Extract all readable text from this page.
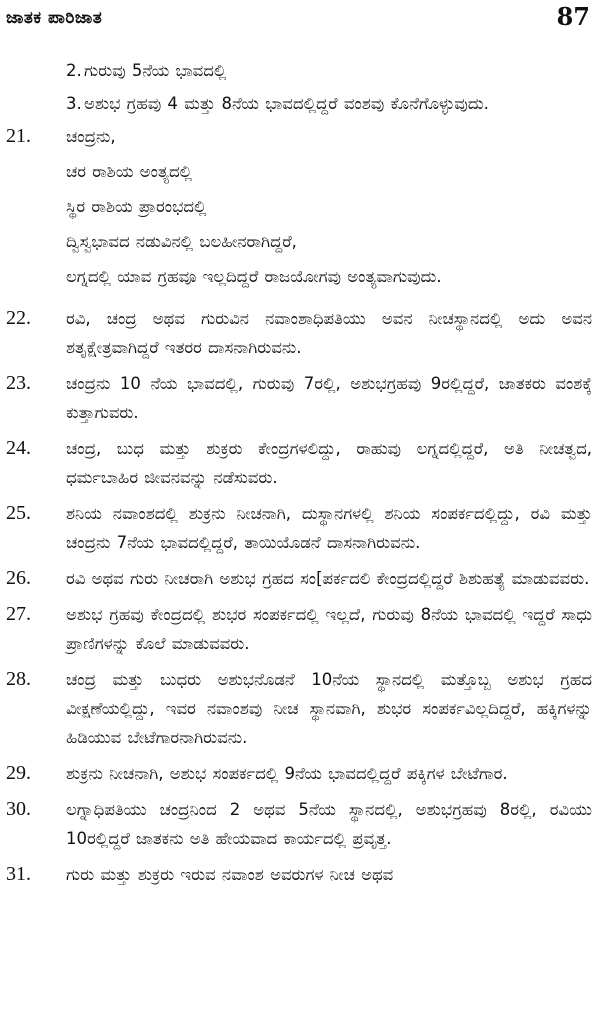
ಜಾತಕ ಪಾರಿಜಾತ	87
2. ಗುರುವು 5ನೆಯ ಭಾವದಲ್ಲಿ
3. ಅಶುಭ ಗ್ರಹವು 4 ಮತ್ತು 8ನೆಯ ಭಾವದಲ್ಲಿದ್ದರೆ ವಂಶವು ಕೊನೆಗೊಳ್ಳುವುದು.
21.	ಚಂದ್ರನು,
ಚರ ರಾಶಿಯ ಅಂತ್ಯದಲ್ಲಿ
ಸ್ಥಿರ ರಾಶಿಯ ಪ್ರಾರಂಭದಲ್ಲಿ
ದ್ವಿಸ್ವಭಾವದ ನಡುವಿನಲ್ಲಿ ಬಲಹೀನರಾಗಿದ್ದರೆ,
ಲಗ್ನದಲ್ಲಿ ಯಾವ ಗ್ರಹವೂ ಇಲ್ಲದಿದ್ದರೆ ರಾಜಯೋಗವು ಅಂತ್ಯವಾಗುವುದು.
22.	ರವಿ, ಚಂದ್ರ ಅಥವ ಗುರುವಿನ ನವಾಂಶಾಧಿಪತಿಯು ಅವನ ನೀಚಸ್ಥಾನದಲ್ಲಿ ಅದು ಅವನ ಶತೃಕ್ಷೇತ್ರವಾಗಿದ್ದರೆ ಇತರರ ದಾಸನಾಗಿರುವನು.
23.	ಚಂದ್ರನು 10 ನೆಯ ಭಾವದಲ್ಲಿ, ಗುರುವು 7ರಲ್ಲಿ, ಅಶುಭಗ್ರಹವು 9ರಲ್ಲಿದ್ದರೆ, ಜಾತಕರು ವಂಶಕ್ಕೆ ಕುತ್ತಾಗುವರು.
24.	ಚಂದ್ರ, ಬುಧ ಮತ್ತು ಶುಕ್ರರು ಕೇಂದ್ರಗಳಲಿದ್ದು, ರಾಹುವು ಲಗ್ನದಲ್ಲಿದ್ದರೆ, ಅತಿ ನೀಚತ್ವದ, ಧರ್ಮಬಾಹಿರ ಜೀವನವನ್ನು ನಡೆಸುವರು.
25.	ಶನಿಯ ನವಾಂಶದಲ್ಲಿ ಶುಕ್ರನು ನೀಚನಾಗಿ, ದುಸ್ಥಾನಗಳಲ್ಲಿ ಶನಿಯ ಸಂಪರ್ಕದಲ್ಲಿದ್ದು, ರವಿ ಮತ್ತು ಚಂದ್ರನು 7ನೆಯ ಭಾವದಲ್ಲಿದ್ದರೆ, ತಾಯಿಯೊಡನೆ ದಾಸನಾಗಿರುವನು.
26.	ರವಿ ಅಥವ ಗುರು ನೀಚರಾಗಿ ಅಶುಭ ಗ್ರಹದ ಸಂ[ಪರ್ಕದಲಿ ಕೇಂದ್ರದಲ್ಲಿದ್ದರೆ ಶಿಶುಹತ್ಯೆ ಮಾಡುವವರು.
27.	ಅಶುಭ ಗ್ರಹವು ಕೇಂದ್ರದಲ್ಲಿ ಶುಭರ ಸಂಪರ್ಕದಲ್ಲಿ ಇಲ್ಲದೆ, ಗುರುವು 8ನೆಯ ಭಾವದಲ್ಲಿ ಇದ್ದರೆ ಸಾಧು ಪ್ರಾಣಿಗಳನ್ನು ಕೊಲೆ ಮಾಡುವವರು.
28.	ಚಂದ್ರ ಮತ್ತು ಬುಧರು ಅಶುಭನೊಡನೆ 10ನೆಯ ಸ್ಥಾನದಲ್ಲಿ ಮತ್ತೊಬ್ಬ ಅಶುಭ ಗ್ರಹದ ವೀಕ್ಷಣೆಯಲ್ಲಿದ್ದು, ಇವರ ನವಾಂಶವು ನೀಚ ಸ್ಥಾನವಾಗಿ, ಶುಭರ ಸಂಪರ್ಕವಿಲ್ಲದಿದ್ದರೆ, ಹಕ್ಕಿಗಳನ್ನು ಹಿಡಿಯುವ ಬೇಟೆಗಾರನಾಗಿರುವನು.
29.	ಶುಕ್ರನು ನೀಚನಾಗಿ, ಅಶುಭ ಸಂಪರ್ಕದಲ್ಲಿ 9ನೆಯ ಭಾವದಲ್ಲಿದ್ದರೆ ಪಕ್ಕಿಗಳ ಬೇಟೆಗಾರ.
30.	ಲಗ್ನಾಧಿಪತಿಯು ಚಂದ್ರನಿಂದ 2 ಅಥವ 5ನೆಯ ಸ್ಥಾನದಲ್ಲಿ, ಅಶುಭಗ್ರಹವು 8ರಲ್ಲಿ, ರವಿಯು 10ರಲ್ಲಿದ್ದರೆ ಜಾತಕನು ಅತಿ ಹೇಯವಾದ ಕಾರ್ಯದಲ್ಲಿ ಪ್ರವೃತ್ತ.
31.	ಗುರು ಮತ್ತು ಶುಕ್ರರು ಇರುವ ನವಾಂಶ ಅವರುಗಳ ನೀಚ ಅಥವ
